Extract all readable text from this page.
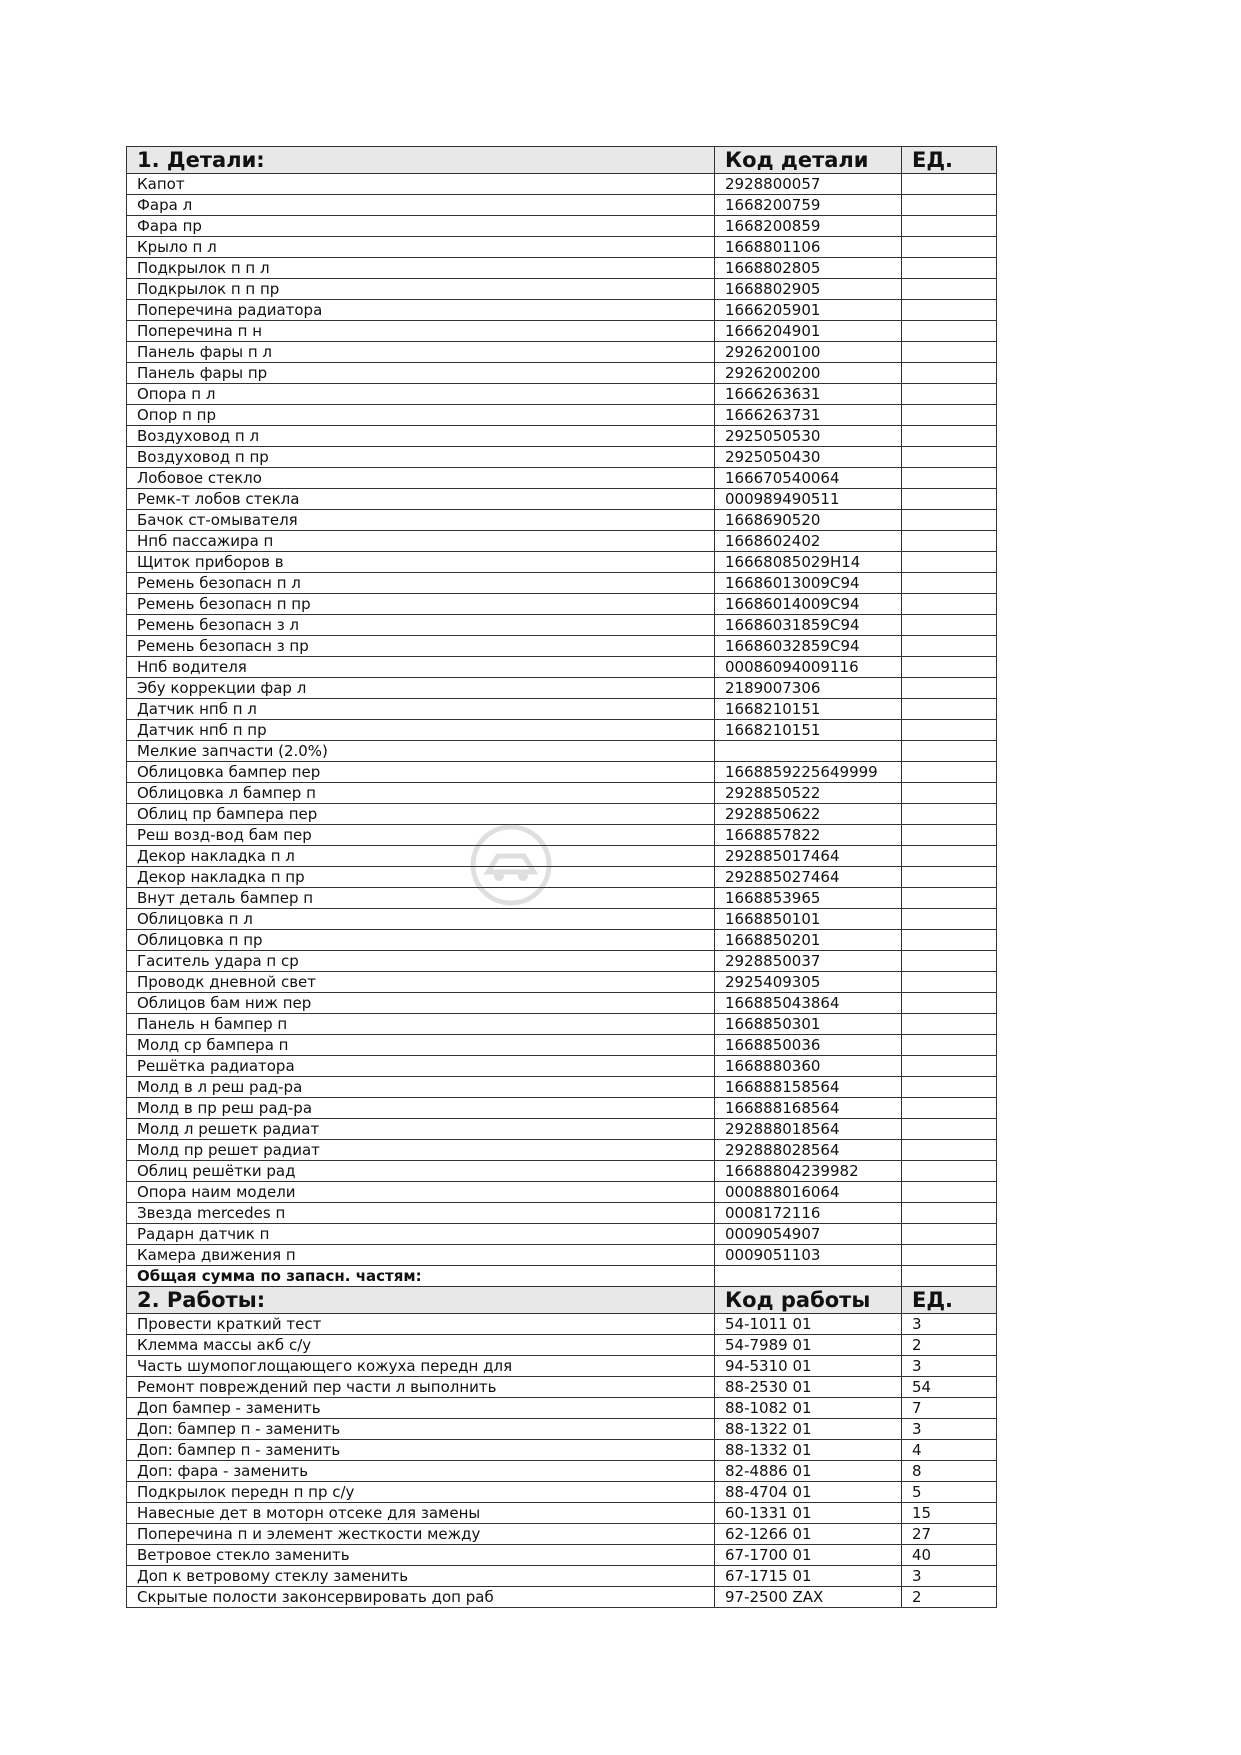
1. Детали:	Код детали	ЕД.
Капот	2928800057	
Фара л	1668200759	
Фара пр	1668200859	
Крыло п л	1668801106	
Подкрылок п п л	1668802805	
Подкрылок п п пр	1668802905	
Поперечина радиатора	1666205901	
Поперечина п н	1666204901	
Панель фары п л	2926200100	
Панель фары пр	2926200200	
Опора п л	1666263631	
Опор п пр	1666263731	
Воздуховод п л	2925050530	
Воздуховод п пр	2925050430	
Лобовое стекло	166670540064	
Ремк-т лобов стекла	000989490511	
Бачок ст-омывателя	1668690520	
Нпб пассажира п	1668602402	
Щиток приборов в	16668085029H14	
Ремень безопасн п л	16686013009C94	
Ремень безопасн п пр	16686014009C94	
Ремень безопасн з л	16686031859C94	
Ремень безопасн з пр	16686032859C94	
Нпб водителя	00086094009116	
Эбу коррекции фар л	2189007306	
Датчик нпб п л	1668210151	
Датчик нпб п пр	1668210151	
Мелкие запчасти (2.0%)		
Облицовка бампер пер	1668859225649999	
Облицовка л бампер п	2928850522	
Облиц пр бампера пер	2928850622	
Реш возд-вод бам пер	1668857822	
Декор накладка п л	292885017464	
Декор накладка п пр	292885027464	
Внут деталь бампер п	1668853965	
Облицовка п л	1668850101	
Облицовка п пр	1668850201	
Гаситель удара п ср	2928850037	
Проводк дневной свет	2925409305	
Облицов бам ниж пер	166885043864	
Панель н бампер п	1668850301	
Молд ср бампера п	1668850036	
Решётка радиатора	1668880360	
Молд в л реш рад-ра	166888158564	
Молд в пр реш рад-ра	166888168564	
Молд л решетк радиат	292888018564	
Молд пр решет радиат	292888028564	
Облиц решётки рад	16688804239982	
Опора наим модели	000888016064	
Звезда mercedes п	0008172116	
Радарн датчик п	0009054907	
Камера движения п	0009051103	
Общая сумма по запасн. частям:		
2. Работы:	Код работы	ЕД.
Провести краткий тест	54-1011 01	3
Клемма массы акб с/у	54-7989 01	2
Часть шумопоглощающего кожуха передн для	94-5310 01	3
Ремонт повреждений пер части л выполнить	88-2530 01	54
Доп бампер - заменить	88-1082 01	7
Доп: бампер п - заменить	88-1322 01	3
Доп: бампер п - заменить	88-1332 01	4
Доп: фара - заменить	82-4886 01	8
Подкрылок передн п пр с/у	88-4704 01	5
Навесные дет в моторн отсеке для замены	60-1331 01	15
Поперечина п и элемент жесткости между	62-1266 01	27
Ветровое стекло заменить	67-1700 01	40
Доп к ветровому стеклу заменить	67-1715 01	3
Скрытые полости законсервировать доп раб	97-2500 ZAX	2
